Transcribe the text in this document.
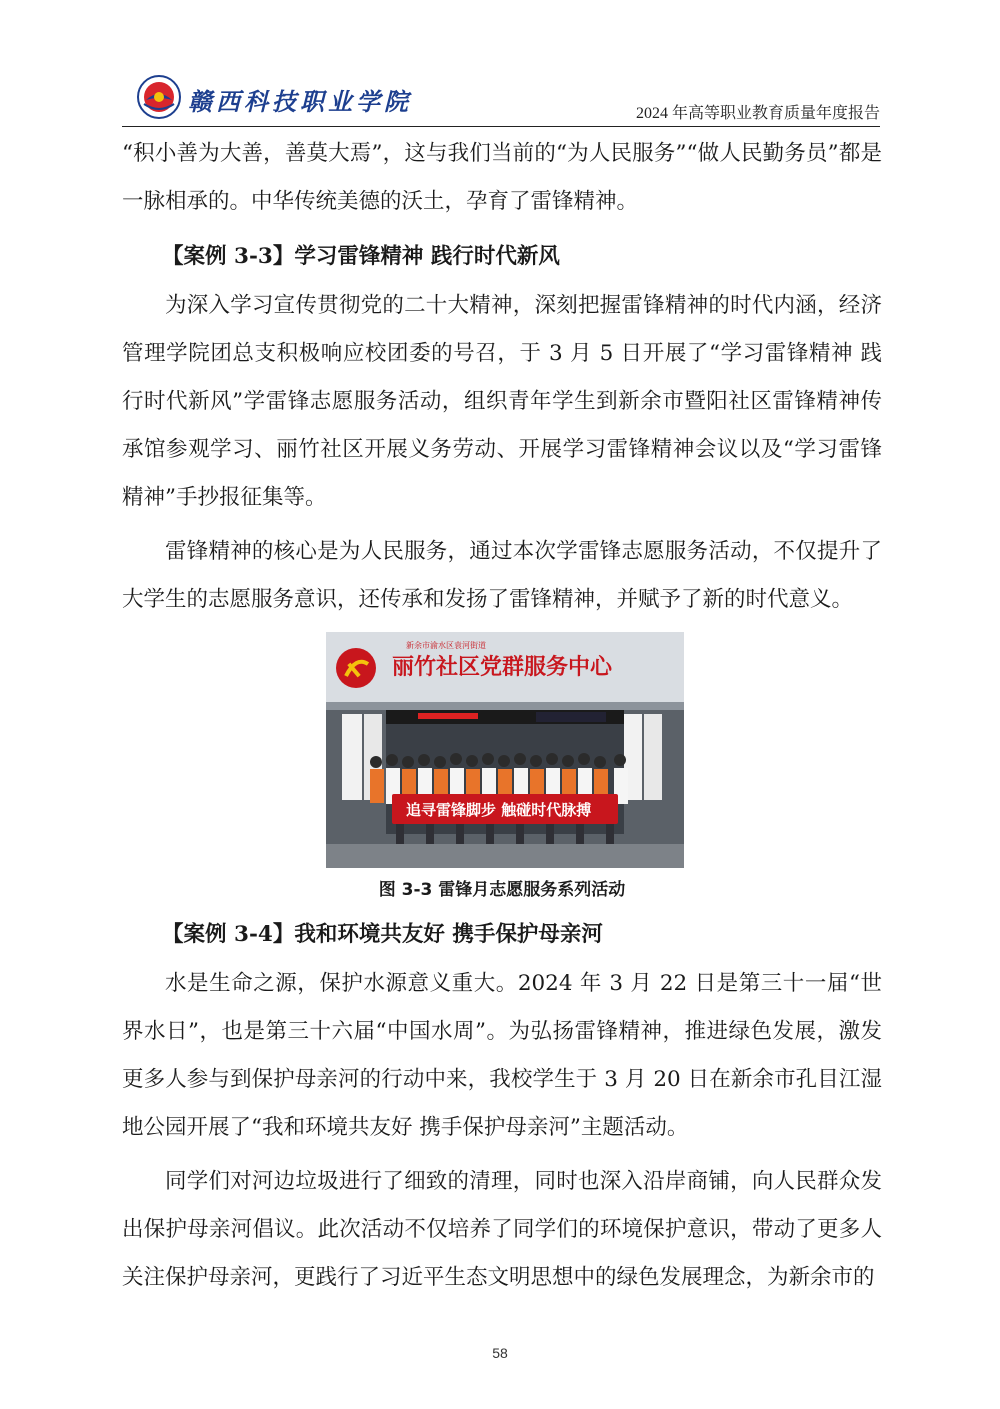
赣西科技职业学院	2024 年高等职业教育质量年度报告

“积小善为大善，善莫大焉”，这与我们当前的“为人民服务”“做人民勤务员”都是一脉相承的。中华传统美德的沃土，孕育了雷锋精神。

【案例 3-3】学习雷锋精神 践行时代新风

为深入学习宣传贯彻党的二十大精神，深刻把握雷锋精神的时代内涵，经济管理学院团总支积极响应校团委的号召，于 3 月 5 日开展了“学习雷锋精神 践行时代新风”学雷锋志愿服务活动，组织青年学生到新余市暨阳社区雷锋精神传承馆参观学习、丽竹社区开展义务劳动、开展学习雷锋精神会议以及“学习雷锋精神”手抄报征集等。

雷锋精神的核心是为人民服务，通过本次学雷锋志愿服务活动，不仅提升了大学生的志愿服务意识，还传承和发扬了雷锋精神，并赋予了新的时代意义。

新余市渝水区袁河街道
丽竹社区党群服务中心
追寻雷锋脚步 触碰时代脉搏

图 3-3 雷锋月志愿服务系列活动

【案例 3-4】我和环境共友好 携手保护母亲河

水是生命之源，保护水源意义重大。2024 年 3 月 22 日是第三十一届“世界水日”，也是第三十六届“中国水周”。为弘扬雷锋精神，推进绿色发展，激发更多人参与到保护母亲河的行动中来，我校学生于 3 月 20 日在新余市孔目江湿地公园开展了“我和环境共友好 携手保护母亲河”主题活动。

同学们对河边垃圾进行了细致的清理，同时也深入沿岸商铺，向人民群众发出保护母亲河倡议。此次活动不仅培养了同学们的环境保护意识，带动了更多人关注保护母亲河，更践行了习近平生态文明思想中的绿色发展理念，为新余市的

58
